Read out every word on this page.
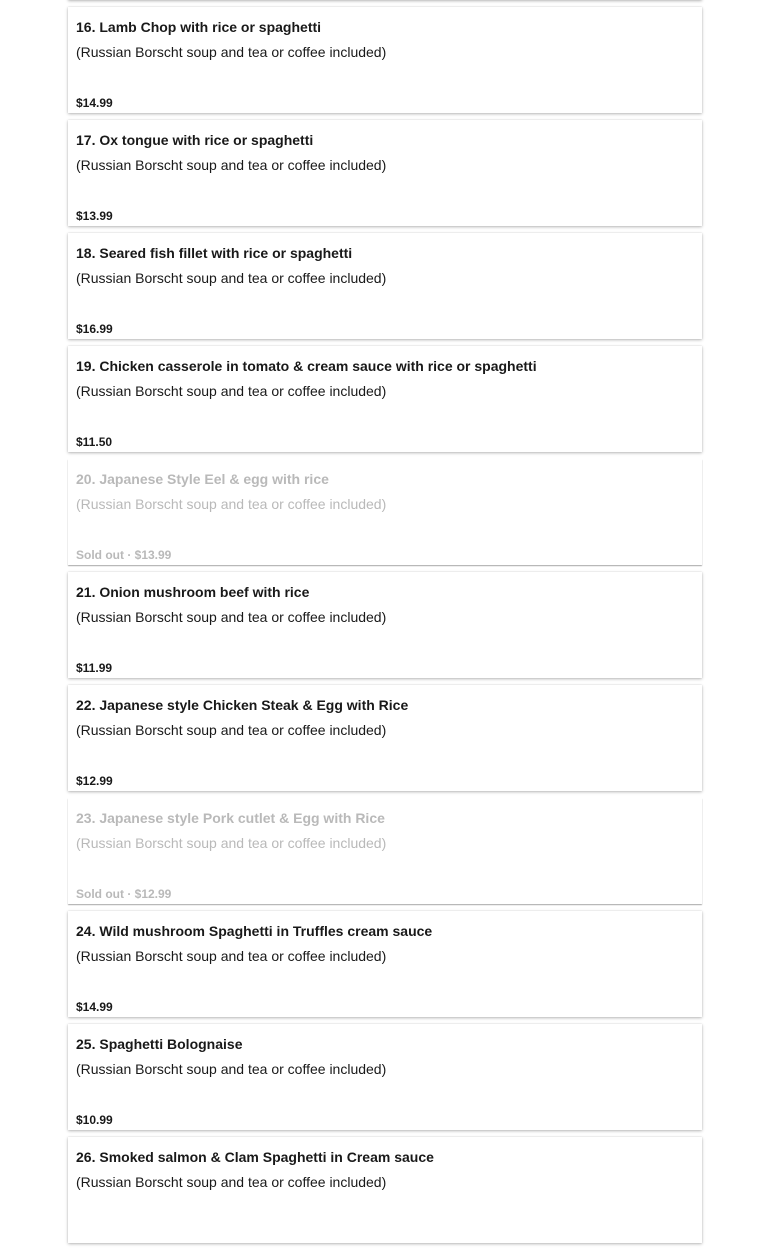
16. Lamb Chop with rice or spaghetti
(Russian Borscht soup and tea or coffee included)
$14.99
17. Ox tongue with rice or spaghetti
(Russian Borscht soup and tea or coffee included)
$13.99
18. Seared fish fillet with rice or spaghetti
(Russian Borscht soup and tea or coffee included)
$16.99
19. Chicken casserole in tomato & cream sauce with rice or spaghetti
(Russian Borscht soup and tea or coffee included)
$11.50
20. Japanese Style Eel & egg with rice
(Russian Borscht soup and tea or coffee included)
Sold out · $13.99
21. Onion mushroom beef with rice
(Russian Borscht soup and tea or coffee included)
$11.99
22. Japanese style Chicken Steak & Egg with Rice
(Russian Borscht soup and tea or coffee included)
$12.99
23. Japanese style Pork cutlet & Egg with Rice
(Russian Borscht soup and tea or coffee included)
Sold out · $12.99
24. Wild mushroom Spaghetti in Truffles cream sauce
(Russian Borscht soup and tea or coffee included)
$14.99
25. Spaghetti Bolognaise
(Russian Borscht soup and tea or coffee included)
$10.99
26. Smoked salmon & Clam Spaghetti in Cream sauce
(Russian Borscht soup and tea or coffee included)
